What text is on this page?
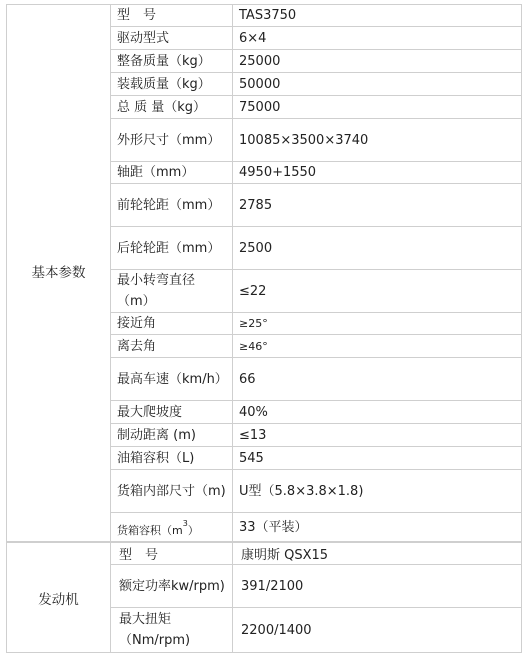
基本参数	型　号	TAS3750
	驱动型式	6×4
	整备质量（kg）	25000
	装载质量（kg）	50000
	总 质 量（kg）	75000
	外形尺寸（mm）	10085×3500×3740
	轴距（mm）	4950+1550
	前轮轮距（mm）	2785
	后轮轮距（mm）	2500
	最小转弯直径（m）	≤22
	接近角	≥25°
	离去角	≥46°
	最高车速（km/h）	66
	最大爬坡度	40%
	制动距离 (m)	≤13
	油箱容积（L)	545
	货箱内部尺寸（m)	U型（5.8×3.8×1.8)
	货箱容积$(m^3)$	33（平装）
发动机	型　号	康明斯 QSX15
	额定功率kw/rpm)	391/2100
	最大扭矩（Nm/rpm)	2200/1400
